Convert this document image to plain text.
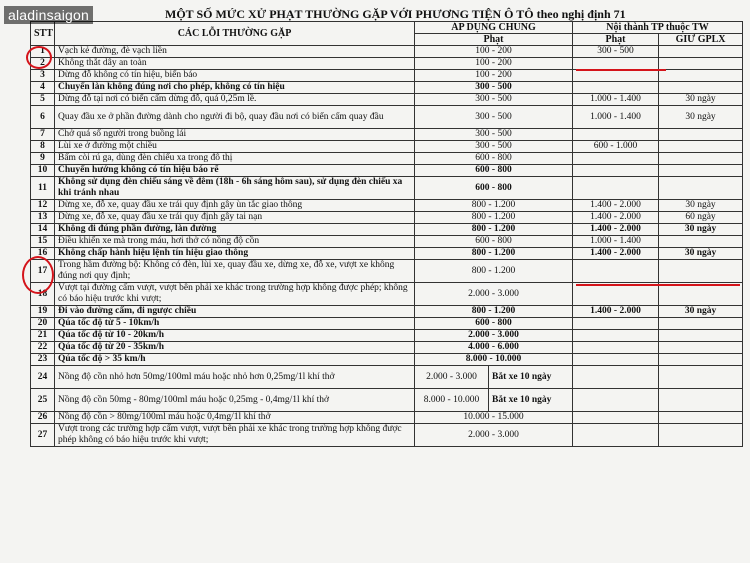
MỘT SỐ MỨC XỬ PHẠT THƯỜNG GẶP VỚI PHƯƠNG TIỆN Ô TÔ theo nghị định 71
STT	CÁC LỖI THƯỜNG GẶP	ÁP DỤNG CHUNG		Nội thành TP thuộc TW	
		Phạt		Phạt	GIỮ GPLX
1	Vạch kẻ đường, đè vạch liền	100 - 200		300 - 500	
2	Không thắt dây an toàn	100 - 200			
3	Dừng đỗ không có tín hiệu, biển báo	100 - 200			
4	Chuyển làn không đúng nơi cho phép, không có tín hiệu	300 - 500			
5	Dừng đỗ tại nơi có biển cấm dừng đỗ, quá 0,25m lề.	300 - 500		1.000 - 1.400	30 ngày
6	Quay đầu xe ở phần đường dành cho người đi bộ, quay đầu nơi có biển cấm quay đầu	300 - 500		1.000 - 1.400	30 ngày
7	Chở quá số người trong buồng lái	300 - 500			
8	Lùi xe ở đường một chiều	300 - 500		600 - 1.000	
9	Bấm còi rú ga, dùng đèn chiếu xa trong đô thị	600 - 800			
10	Chuyển hướng không có tín hiệu báo rẽ	600 - 800			
11	Không sử dụng đèn chiếu sáng về đêm (18h - 6h sáng hôm sau), sử dụng đèn chiếu xa khi tránh nhau	600 - 800			
12	Dừng xe, đỗ xe, quay đầu xe trái quy định gây ùn tắc giao thông	800 - 1.200		1.400 - 2.000	30 ngày
13	Dừng xe, đỗ xe, quay đầu xe trái quy định gây tai nạn	800 - 1.200		1.400 - 2.000	60 ngày
14	Không đi đúng phần đường, làn đường	800 - 1.200		1.400 - 2.000	30 ngày
15	Điều khiển xe mà trong máu, hơi thở có nồng độ cồn	600 - 800		1.000 - 1.400	
16	Không chấp hành hiệu lệnh tín hiệu giao thông	800 - 1.200		1.400 - 2.000	30 ngày
17	Trong hầm đường bộ: Không có đèn, lùi xe, quay đầu xe, dừng xe, đỗ xe, vượt xe không đúng nơi quy định;	800 - 1.200			
18	Vượt tại đường cấm vượt, vượt bên phải xe khác trong trường hợp không được phép; không có báo hiệu trước khi vượt;	2.000 - 3.000			
19	Đi vào đường cấm, đi ngược chiều	800 - 1.200		1.400 - 2.000	30 ngày
20	Qúa tốc độ từ 5 - 10km/h	600 - 800			
21	Qúa tốc độ từ 10 - 20km/h	2.000 - 3.000			
22	Qúa tốc độ từ 20 - 35km/h	4.000 - 6.000			
23	Qúa tốc độ > 35 km/h	8.000 - 10.000			
24	Nồng độ cồn nhỏ hơn 50mg/100ml máu hoặc nhỏ hơn 0,25mg/1l khí thở	2.000 - 3.000	Bắt xe 10 ngày		
25	Nồng độ cồn 50mg - 80mg/100ml máu hoặc 0,25mg - 0,4mg/1l khí thở	8.000 - 10.000	Bắt xe 10 ngày		
26	Nồng độ cồn > 80mg/100ml máu hoặc 0,4mg/1l khí thở	10.000 - 15.000			
27	Vượt trong các trường hợp cấm vượt, vượt bên phải xe khác trong trường hợp không được phép không có báo hiệu trước khi vượt;	2.000 - 3.000			
aladinsaigon
